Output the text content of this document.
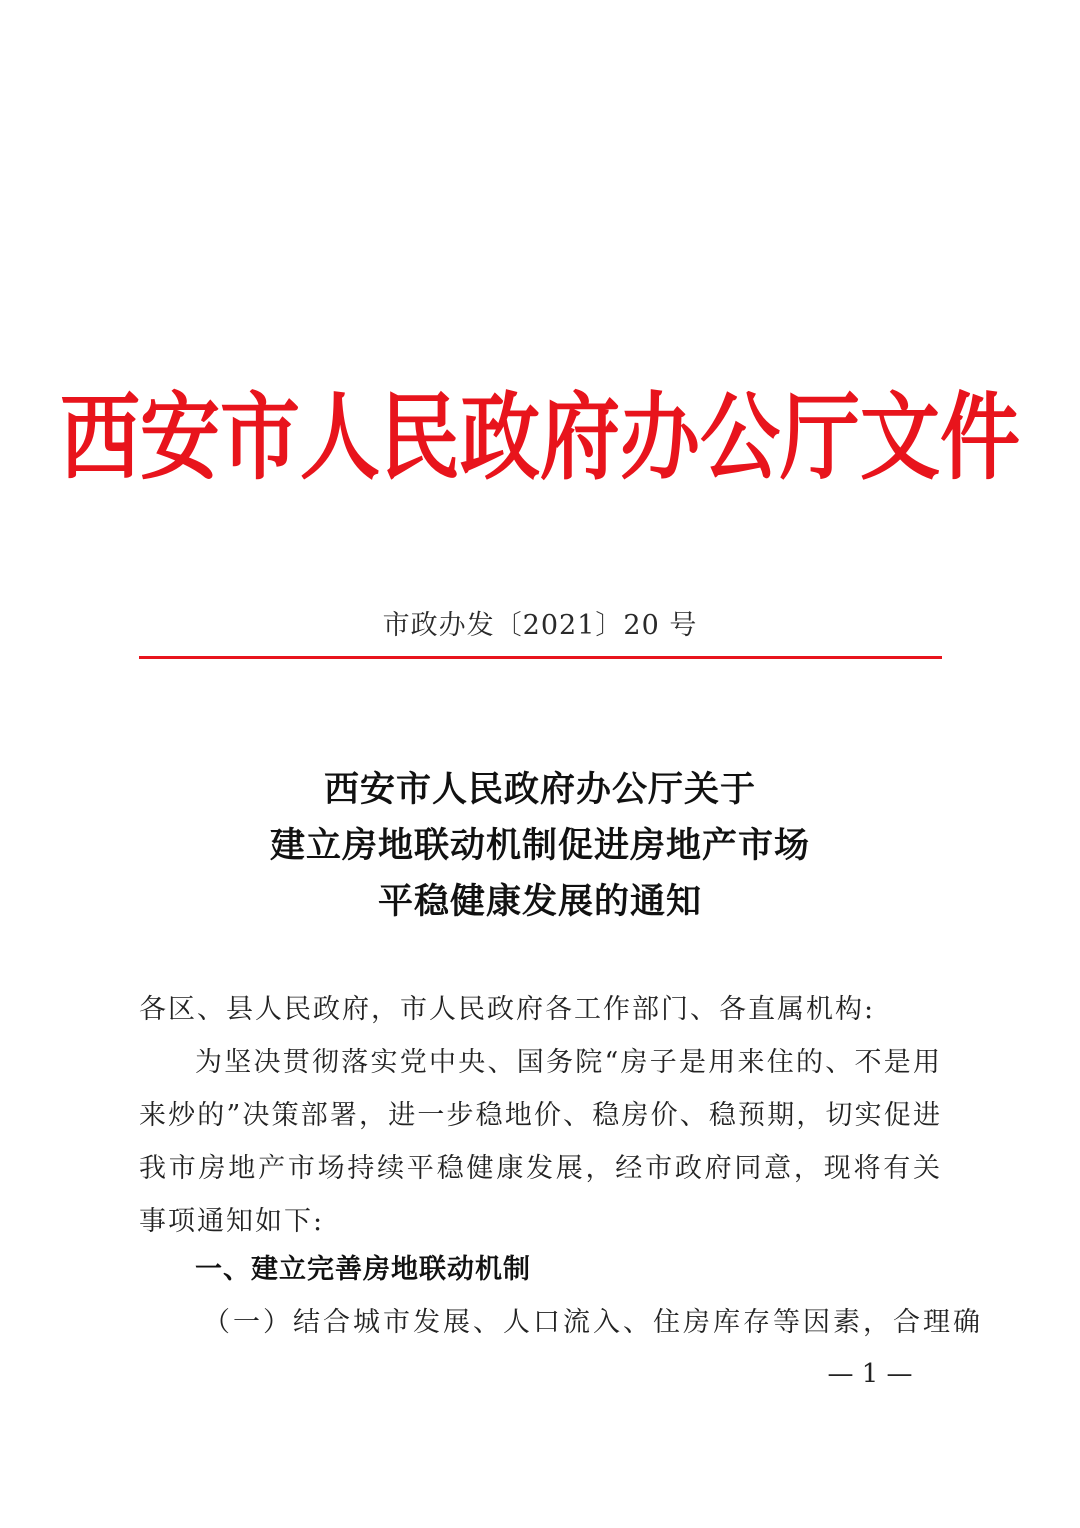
西安市人民政府办公厅文件
市政办发〔2021〕20 号
西安市人民政府办公厅关于
建立房地联动机制促进房地产市场
平稳健康发展的通知
各区、县人民政府，市人民政府各工作部门、各直属机构:
为坚决贯彻落实党中央、国务院“房子是用来住的、不是用来炒的”决策部署，进一步稳地价、稳房价、稳预期，切实促进我市房地产市场持续平稳健康发展，经市政府同意，现将有关事项通知如下:
一、建立完善房地联动机制
（一）结合城市发展、人口流入、住房库存等因素，合理确
— 1 —
